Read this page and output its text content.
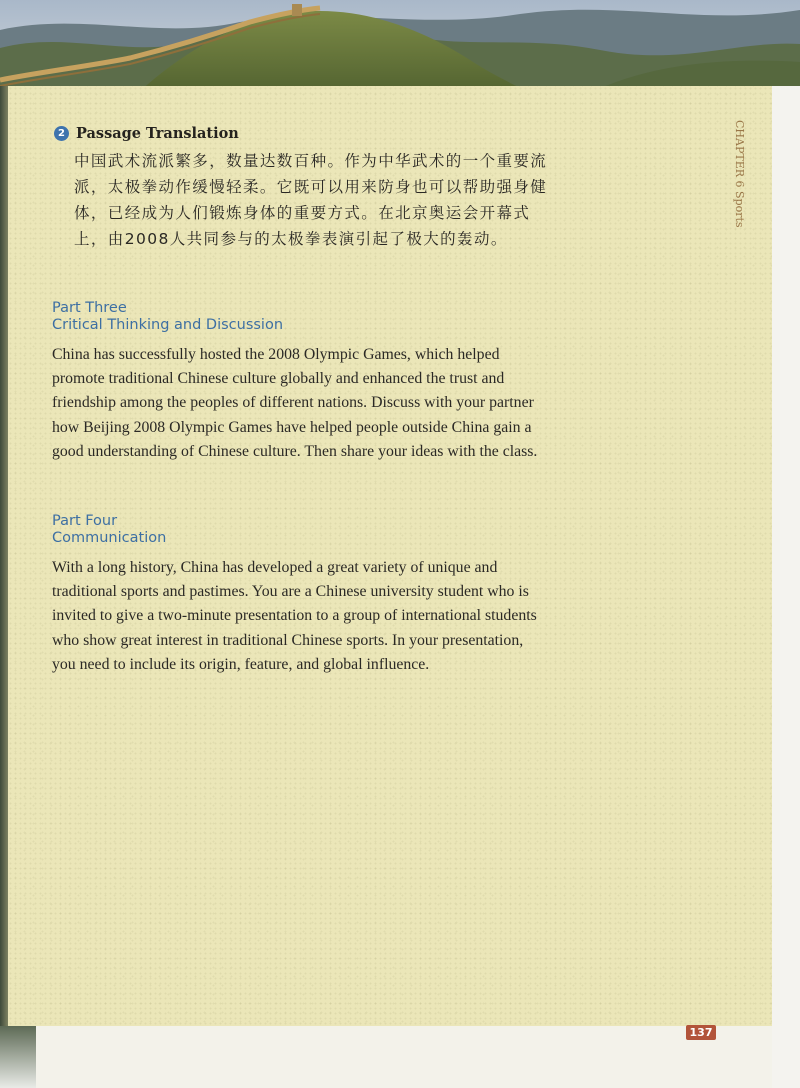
CHAPTER 6 Sports
2 Passage Translation
中国武术流派繁多，数量达数百种。作为中华武术的一个重要流派，太极拳动作缓慢轻柔。它既可以用来防身也可以帮助强身健体，已经成为人们锻炼身体的重要方式。在北京奥运会开幕式上，由2008人共同参与的太极拳表演引起了极大的轰动。
Part Three
Critical Thinking and Discussion
China has successfully hosted the 2008 Olympic Games, which helped promote traditional Chinese culture globally and enhanced the trust and friendship among the peoples of different nations. Discuss with your partner how Beijing 2008 Olympic Games have helped people outside China gain a good understanding of Chinese culture. Then share your ideas with the class.
Part Four
Communication
With a long history, China has developed a great variety of unique and traditional sports and pastimes. You are a Chinese university student who is invited to give a two-minute presentation to a group of international students who show great interest in traditional Chinese sports. In your presentation, you need to include its origin, feature, and global influence.
137
